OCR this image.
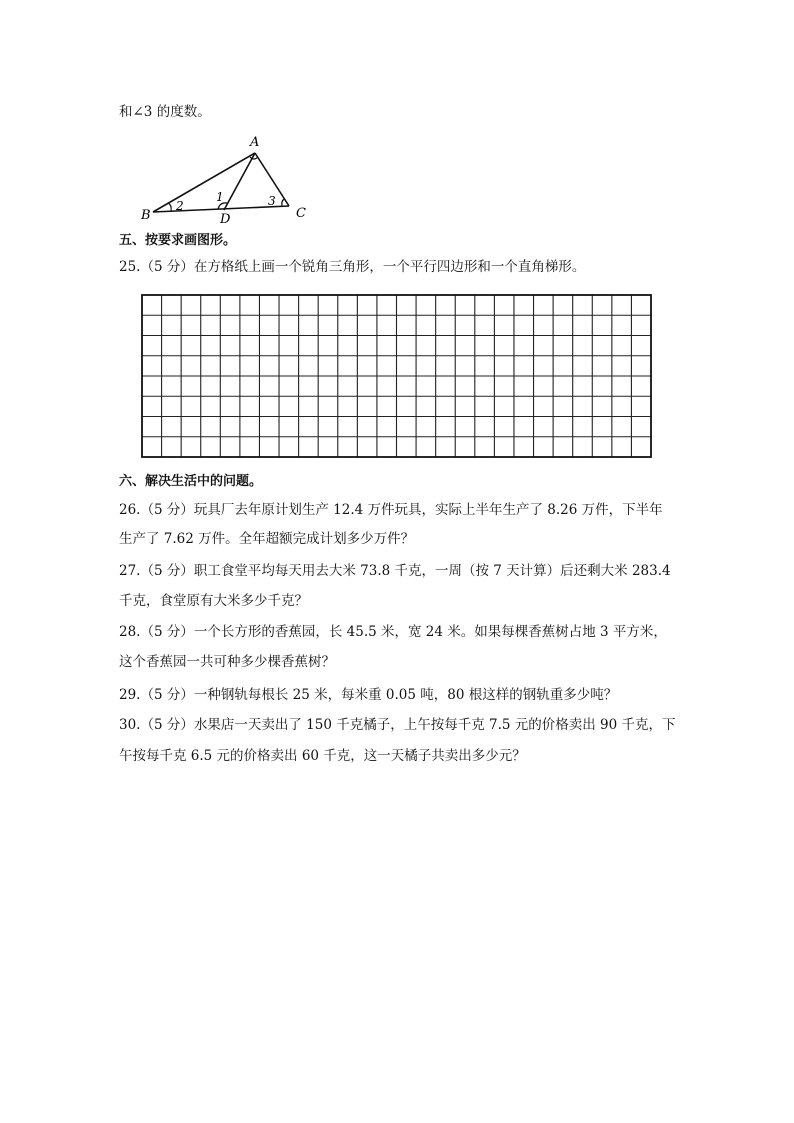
和∠3 的度数。
A
B	C
D
1
2	3
五、按要求画图形。
25.（5 分）在方格纸上画一个锐角三角形，一个平行四边形和一个直角梯形。
六、解决生活中的问题。
26.（5 分）玩具厂去年原计划生产 12.4 万件玩具，实际上半年生产了 8.26 万件，下半年
生产了 7.62 万件。全年超额完成计划多少万件？
27.（5 分）职工食堂平均每天用去大米 73.8 千克，一周（按 7 天计算）后还剩大米 283.4
千克，食堂原有大米多少千克？
28.（5 分）一个长方形的香蕉园，长 45.5 米，宽 24 米。如果每棵香蕉树占地 3 平方米，
这个香蕉园一共可种多少棵香蕉树？
29.（5 分）一种钢轨每根长 25 米，每米重 0.05 吨，80 根这样的钢轨重多少吨？
30.（5 分）水果店一天卖出了 150 千克橘子，上午按每千克 7.5 元的价格卖出 90 千克，下
午按每千克 6.5 元的价格卖出 60 千克，这一天橘子共卖出多少元？
